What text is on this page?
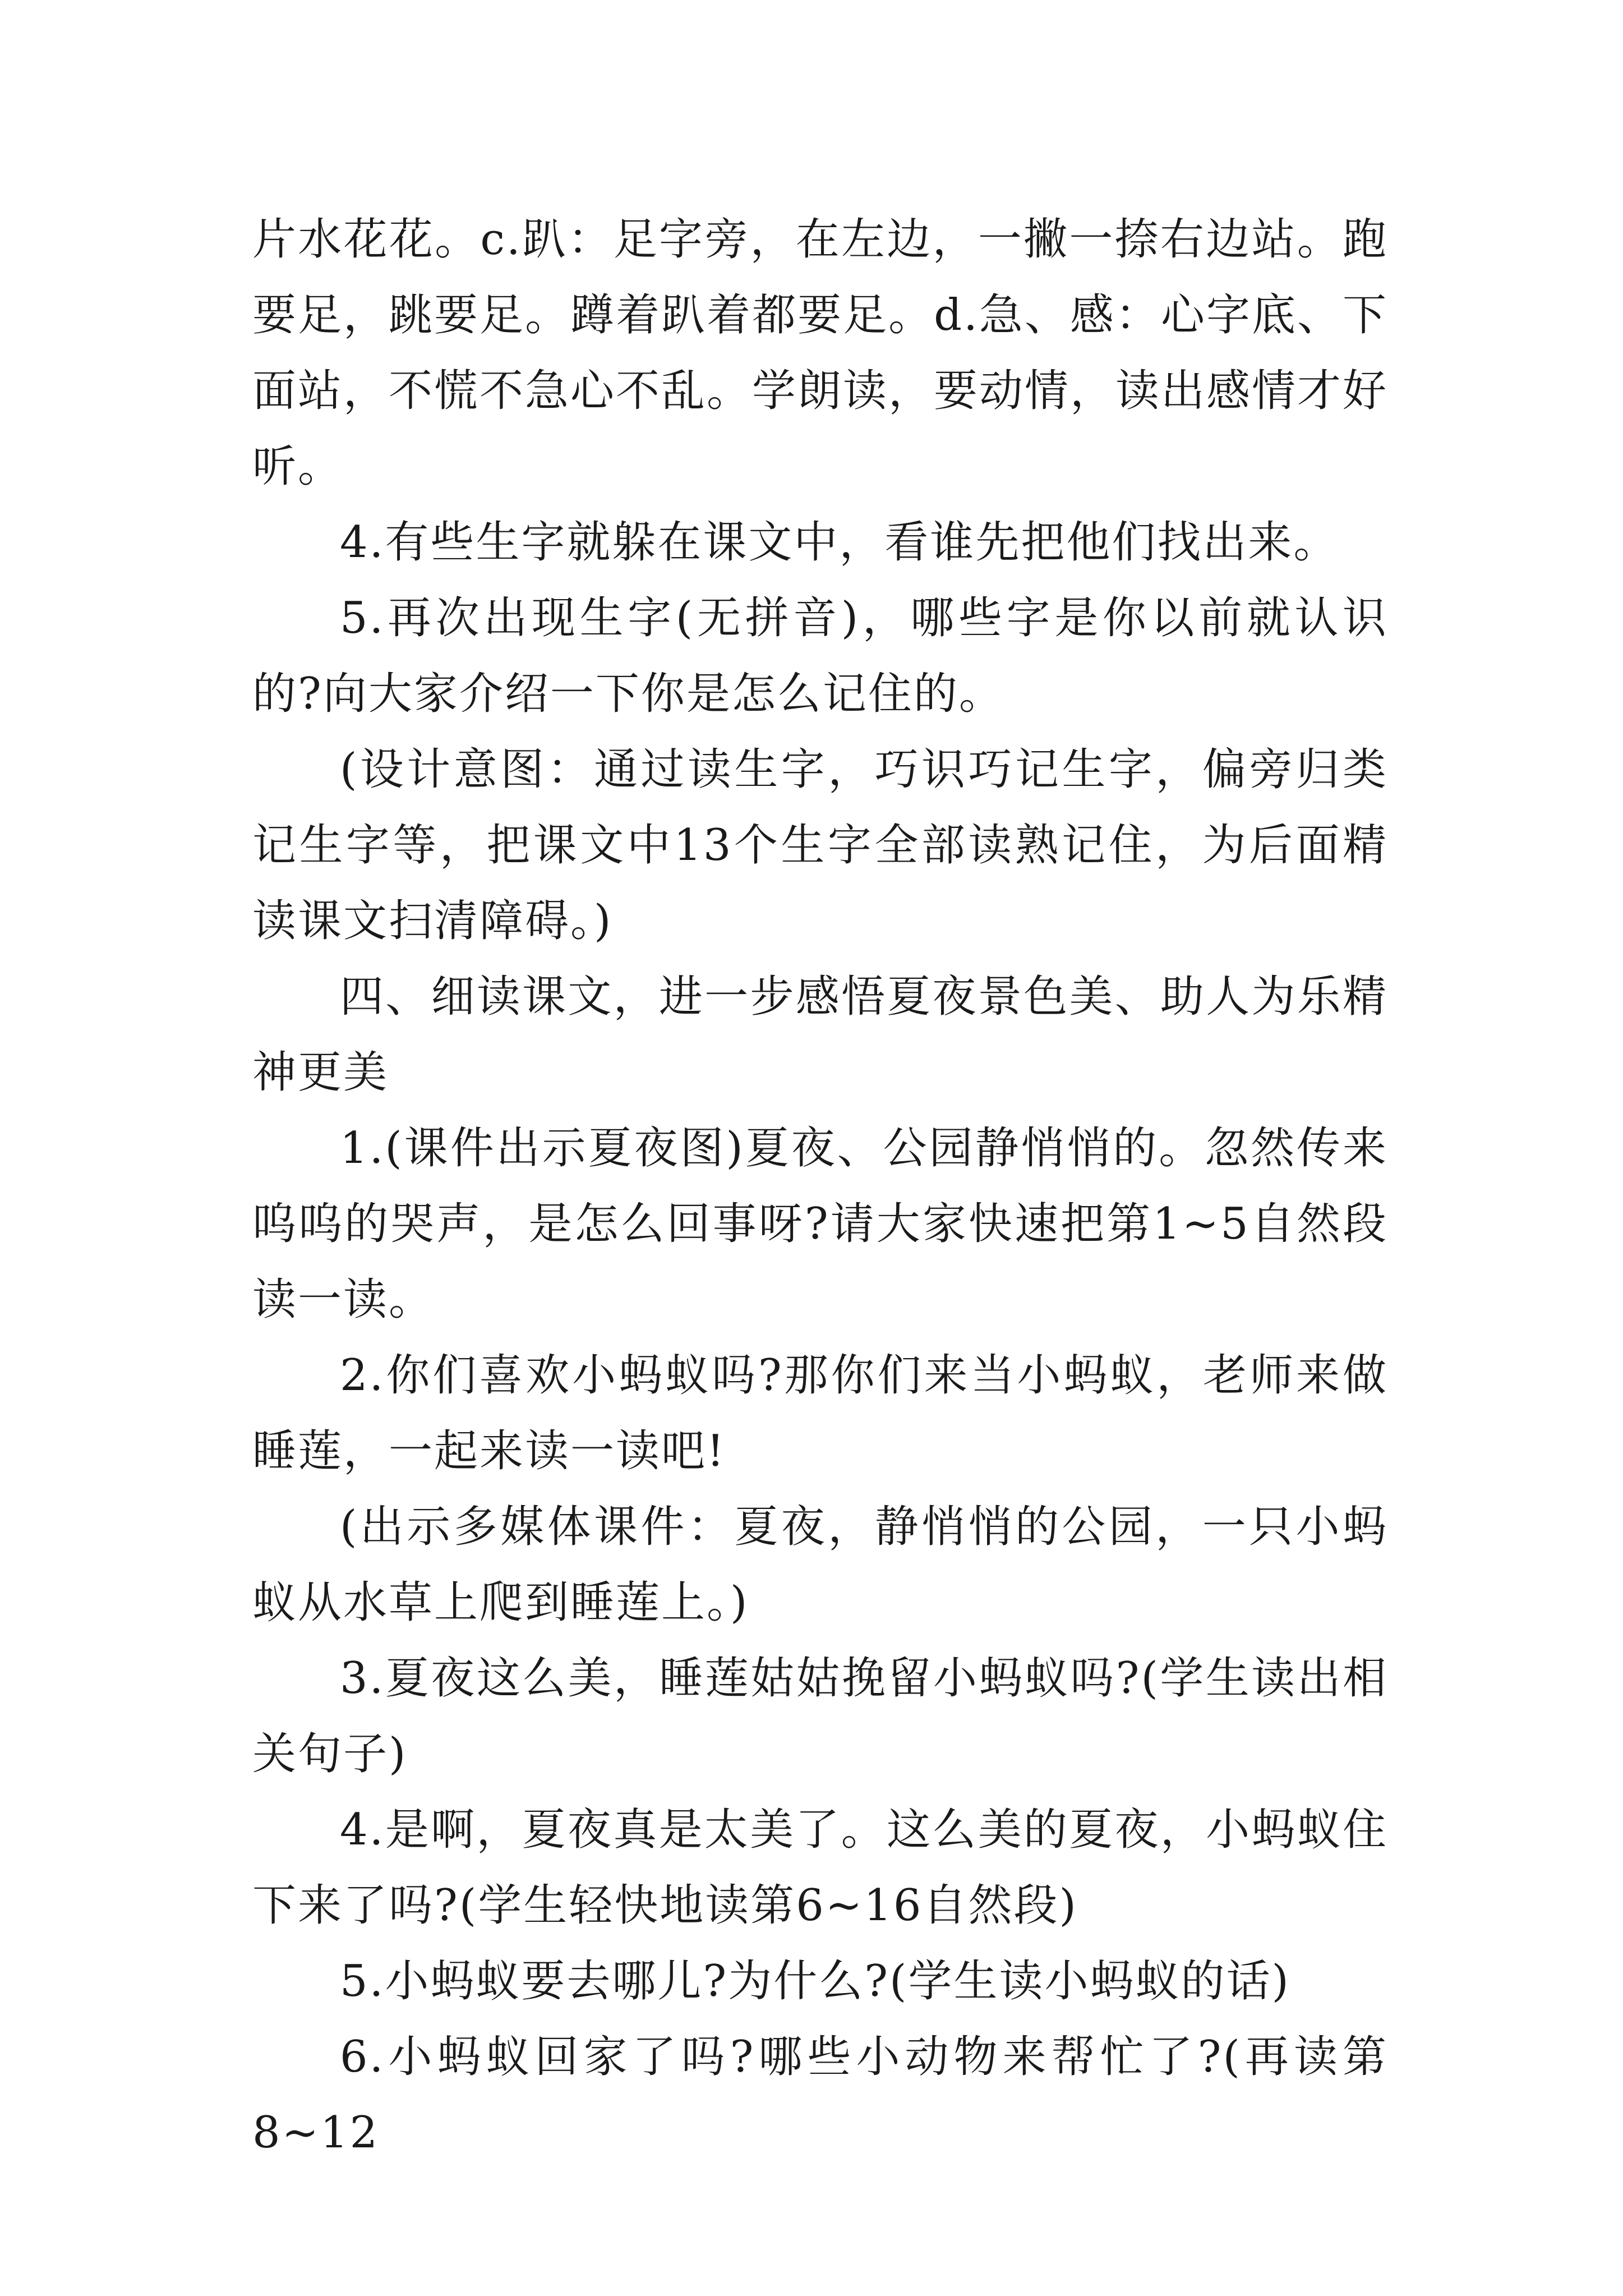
片水花花。c.趴：足字旁，在左边，一撇一捺右边站。跑要足，跳要足。蹲着趴着都要足。d.急、感：心字底、下面站，不慌不急心不乱。学朗读，要动情，读出感情才好听。

4.有些生字就躲在课文中，看谁先把他们找出来。

5.再次出现生字(无拼音)，哪些字是你以前就认识的?向大家介绍一下你是怎么记住的。

(设计意图：通过读生字，巧识巧记生字，偏旁归类记生字等，把课文中13个生字全部读熟记住，为后面精读课文扫清障碍。)

四、细读课文，进一步感悟夏夜景色美、助人为乐精神更美

1.(课件出示夏夜图)夏夜、公园静悄悄的。忽然传来呜呜的哭声，是怎么回事呀?请大家快速把第1~5自然段读一读。

2.你们喜欢小蚂蚁吗?那你们来当小蚂蚁，老师来做睡莲，一起来读一读吧!

(出示多媒体课件：夏夜，静悄悄的公园，一只小蚂蚁从水草上爬到睡莲上。)

3.夏夜这么美，睡莲姑姑挽留小蚂蚁吗?(学生读出相关句子)

4.是啊，夏夜真是太美了。这么美的夏夜，小蚂蚁住下来了吗?(学生轻快地读第6~16自然段)

5.小蚂蚁要去哪儿?为什么?(学生读小蚂蚁的话)

6.小蚂蚁回家了吗?哪些小动物来帮忙了?(再读第8~12
